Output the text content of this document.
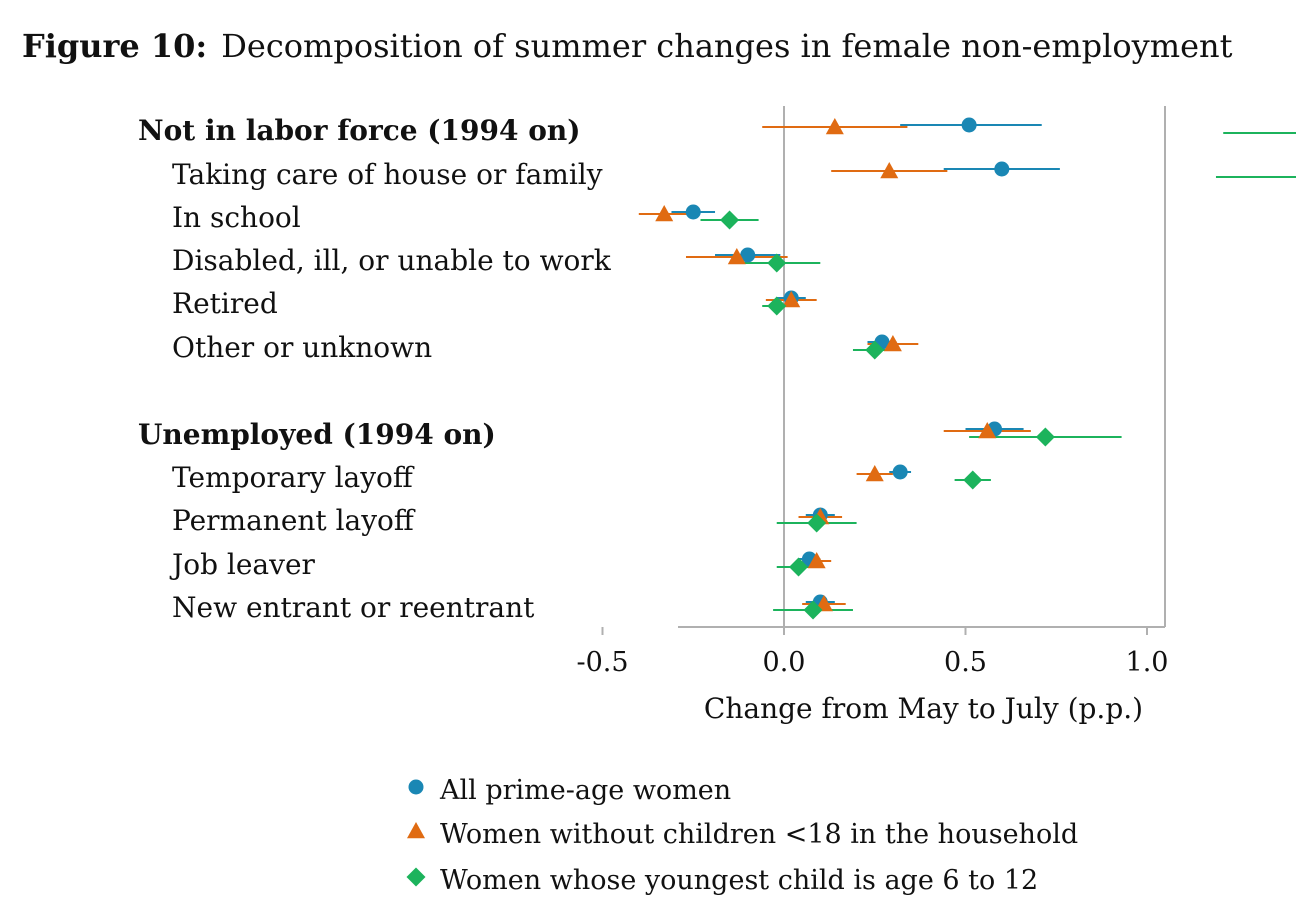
Figure 10: Decomposition of summer changes in female non-employment
Not in labor force (1994 on)
Taking care of house or family
In school
Disabled, ill, or unable to work
Retired
Other or unknown
Unemployed (1994 on)
Temporary layoff
Permanent layoff
Job leaver
New entrant or reentrant
-0.5	0.0	0.5	1.0
Change from May to July (p.p.)
All prime-age women
Women without children <18 in the household
Women whose youngest child is age 6 to 12
